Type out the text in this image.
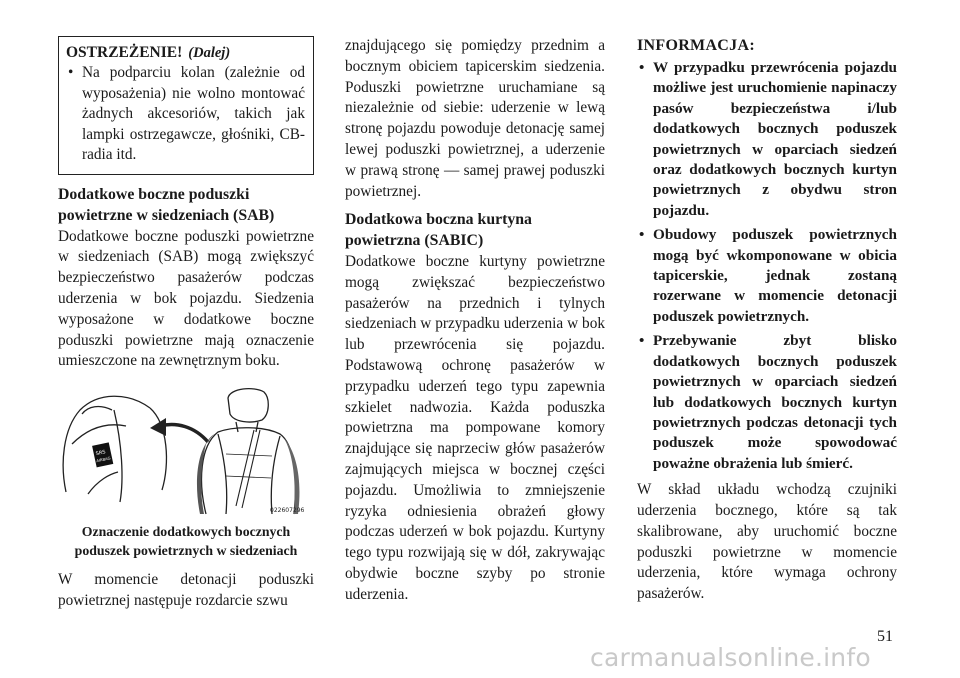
OSTRZEŻENIE! (Dalej)
• Na podparciu kolan (zależnie od wyposażenia) nie wolno montować żadnych akcesoriów, takich jak lampki ostrzegawcze, głośniki, CB-radia itd.
Dodatkowe boczne poduszki powietrzne w siedzeniach (SAB)

Dodatkowe boczne poduszki powietrzne w siedzeniach (SAB) mogą zwiększyć bezpieczeństwo pasażerów podczas uderzenia w bok pojazdu. Siedzenia wyposażone w dodatkowe boczne poduszki powietrzne mają oznaczenie umieszczone na zewnętrznym boku.

SRS
AIRBAG
022607296
Oznaczenie dodatkowych bocznych poduszek powietrznych w siedzeniach

W momencie detonacji poduszki powietrznej następuje rozdarcie szwu

znajdującego się pomiędzy przednim a bocznym obiciem tapicerskim siedzenia. Poduszki powietrzne uruchamiane są niezależnie od siebie: uderzenie w lewą stronę pojazdu powoduje detonację samej lewej poduszki powietrznej, a uderzenie w prawą stronę — samej prawej poduszki powietrznej.

Dodatkowa boczna kurtyna powietrzna (SABIC)

Dodatkowe boczne kurtyny powietrzne mogą zwiększać bezpieczeństwo pasażerów na przednich i tylnych siedzeniach w przypadku uderzenia w bok lub przewrócenia się pojazdu. Podstawową ochronę pasażerów w przypadku uderzeń tego typu zapewnia szkielet nadwozia. Każda poduszka powietrzna ma pompowane komory znajdujące się naprzeciw głów pasażerów zajmujących miejsca w bocznej części pojazdu. Umożliwia to zmniejszenie ryzyka odniesienia obrażeń głowy podczas uderzeń w bok pojazdu. Kurtyny tego typu rozwijają się w dół, zakrywając obydwie boczne szyby po stronie uderzenia.

INFORMACJA:
• W przypadku przewrócenia pojazdu możliwe jest uruchomienie napinaczy pasów bezpieczeństwa i/lub dodatkowych bocznych poduszek powietrznych w oparciach siedzeń oraz dodatkowych bocznych kurtyn powietrznych z obydwu stron pojazdu.
• Obudowy poduszek powietrznych mogą być wkomponowane w obicia tapicerskie, jednak zostaną rozerwane w momencie detonacji poduszek powietrznych.
• Przebywanie zbyt blisko dodatkowych bocznych poduszek powietrznych w oparciach siedzeń lub dodatkowych bocznych kurtyn powietrznych podczas detonacji tych poduszek może spowodować poważne obrażenia lub śmierć.

W skład układu wchodzą czujniki uderzenia bocznego, które są tak skalibrowane, aby uruchomić boczne poduszki powietrzne w momencie uderzenia, które wymaga ochrony pasażerów.

51
carmanualsonline.info
